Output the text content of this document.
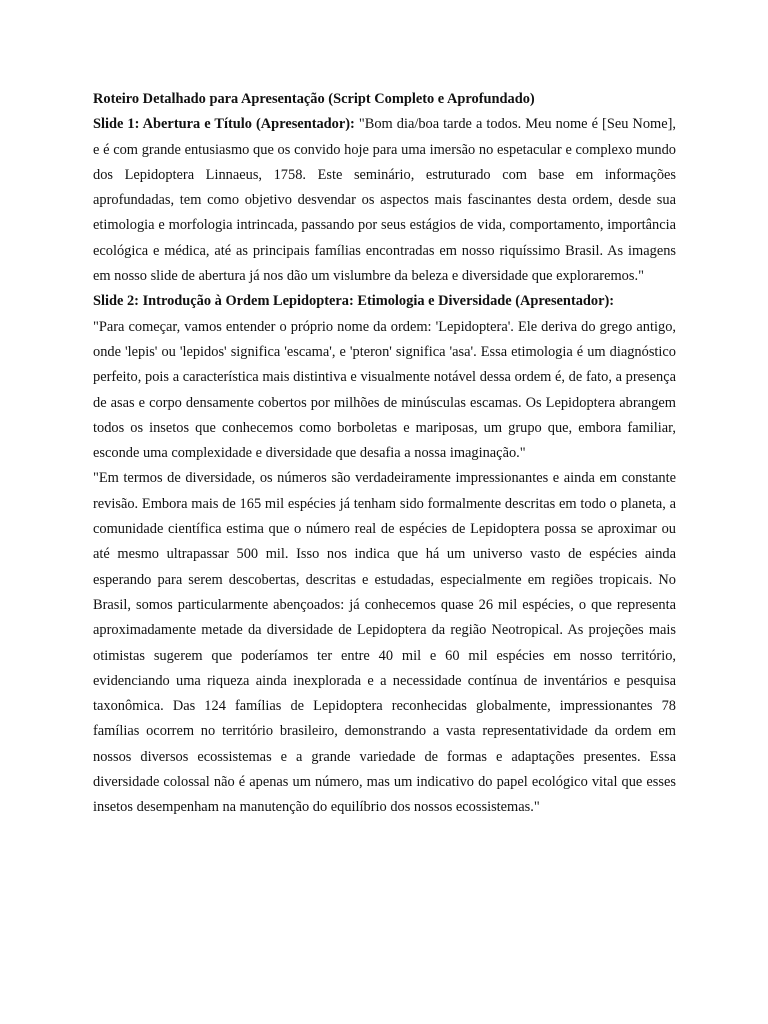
Roteiro Detalhado para Apresentação (Script Completo e Aprofundado)

Slide 1: Abertura e Título (Apresentador): "Bom dia/boa tarde a todos. Meu nome é [Seu Nome], e é com grande entusiasmo que os convido hoje para uma imersão no espetacular e complexo mundo dos Lepidoptera Linnaeus, 1758. Este seminário, estruturado com base em informações aprofundadas, tem como objetivo desvendar os aspectos mais fascinantes desta ordem, desde sua etimologia e morfologia intrincada, passando por seus estágios de vida, comportamento, importância ecológica e médica, até as principais famílias encontradas em nosso riquíssimo Brasil. As imagens em nosso slide de abertura já nos dão um vislumbre da beleza e diversidade que exploraremos."

Slide 2: Introdução à Ordem Lepidoptera: Etimologia e Diversidade (Apresentador):

"Para começar, vamos entender o próprio nome da ordem: 'Lepidoptera'. Ele deriva do grego antigo, onde 'lepis' ou 'lepidos' significa 'escama', e 'pteron' significa 'asa'. Essa etimologia é um diagnóstico perfeito, pois a característica mais distintiva e visualmente notável dessa ordem é, de fato, a presença de asas e corpo densamente cobertos por milhões de minúsculas escamas. Os Lepidoptera abrangem todos os insetos que conhecemos como borboletas e mariposas, um grupo que, embora familiar, esconde uma complexidade e diversidade que desafia a nossa imaginação."

"Em termos de diversidade, os números são verdadeiramente impressionantes e ainda em constante revisão. Embora mais de 165 mil espécies já tenham sido formalmente descritas em todo o planeta, a comunidade científica estima que o número real de espécies de Lepidoptera possa se aproximar ou até mesmo ultrapassar 500 mil. Isso nos indica que há um universo vasto de espécies ainda esperando para serem descobertas, descritas e estudadas, especialmente em regiões tropicais. No Brasil, somos particularmente abençoados: já conhecemos quase 26 mil espécies, o que representa aproximadamente metade da diversidade de Lepidoptera da região Neotropical. As projeções mais otimistas sugerem que poderíamos ter entre 40 mil e 60 mil espécies em nosso território, evidenciando uma riqueza ainda inexplorada e a necessidade contínua de inventários e pesquisa taxonômica. Das 124 famílias de Lepidoptera reconhecidas globalmente, impressionantes 78 famílias ocorrem no território brasileiro, demonstrando a vasta representatividade da ordem em nossos diversos ecossistemas e a grande variedade de formas e adaptações presentes. Essa diversidade colossal não é apenas um número, mas um indicativo do papel ecológico vital que esses insetos desempenham na manutenção do equilíbrio dos nossos ecossistemas."
